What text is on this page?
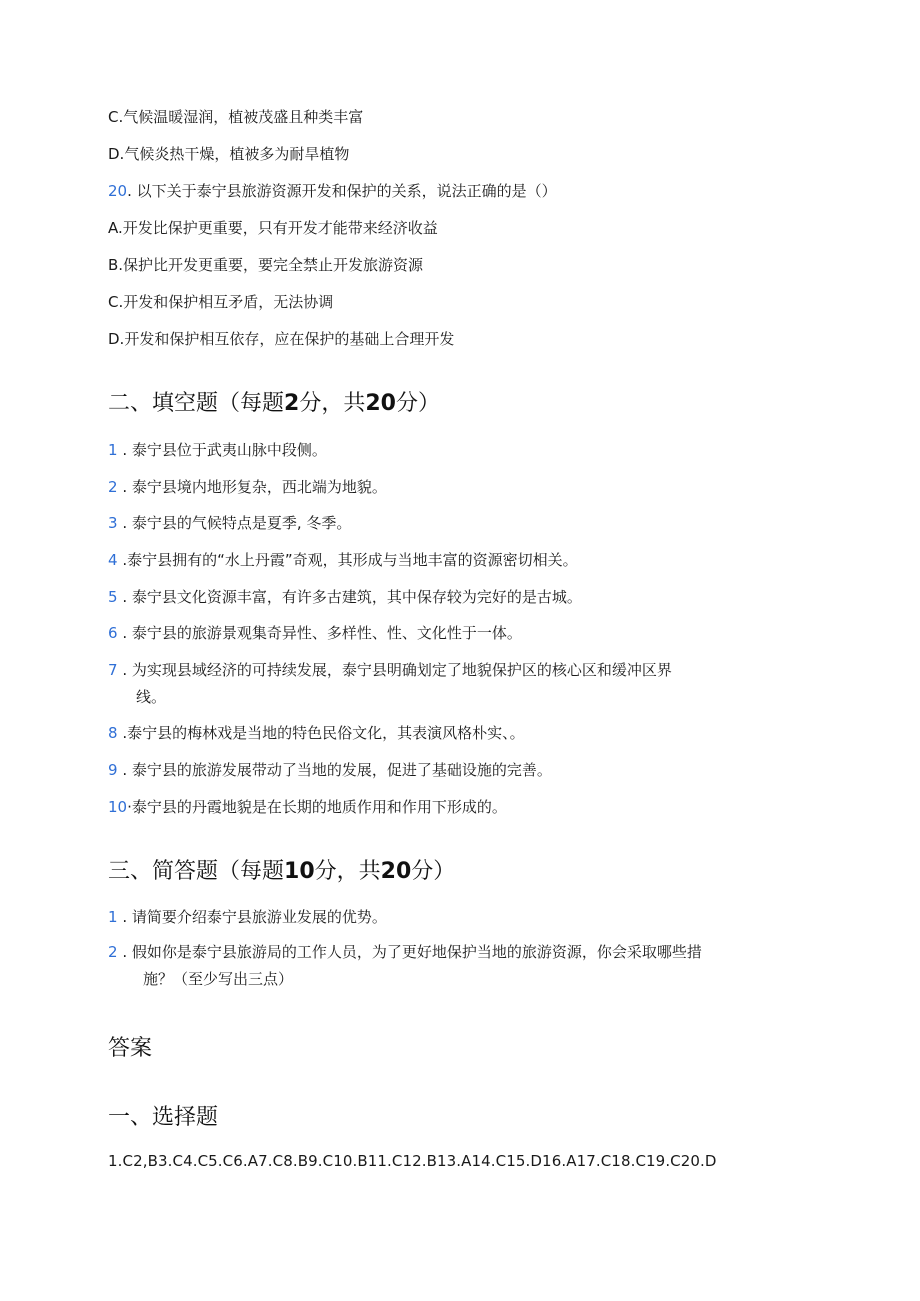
C.气候温暖湿润，植被茂盛且种类丰富
D.气候炎热干燥，植被多为耐旱植物
20. 以下关于泰宁县旅游资源开发和保护的关系，说法正确的是（）
A.开发比保护更重要，只有开发才能带来经济收益
B.保护比开发更重要，要完全禁止开发旅游资源
C.开发和保护相互矛盾，无法协调
D.开发和保护相互依存，应在保护的基础上合理开发
二、填空题（每题2分，共20分）
1 . 泰宁县位于武夷山脉中段侧。
2 . 泰宁县境内地形复杂，西北端为地貌。
3 . 泰宁县的气候特点是夏季, 冬季。
4 .泰宁县拥有的“水上丹霞”奇观，其形成与当地丰富的资源密切相关。
5 . 泰宁县文化资源丰富，有许多古建筑，其中保存较为完好的是古城。
6 . 泰宁县的旅游景观集奇异性、多样性、性、文化性于一体。
7 . 为实现县域经济的可持续发展，泰宁县明确划定了地貌保护区的核心区和缓冲区界
线。
8 .泰宁县的梅林戏是当地的特色民俗文化，其表演风格朴实、。
9 . 泰宁县的旅游发展带动了当地的发展，促进了基础设施的完善。
10·泰宁县的丹霞地貌是在长期的地质作用和作用下形成的。
三、简答题（每题10分，共20分）
1 . 请简要介绍泰宁县旅游业发展的优势。
2 . 假如你是泰宁县旅游局的工作人员，为了更好地保护当地的旅游资源，你会采取哪些措
施？（至少写出三点）
答案
一、选择题
1.C2,B3.C4.C5.C6.A7.C8.B9.C10.B11.C12.B13.A14.C15.D16.A17.C18.C19.C20.D
